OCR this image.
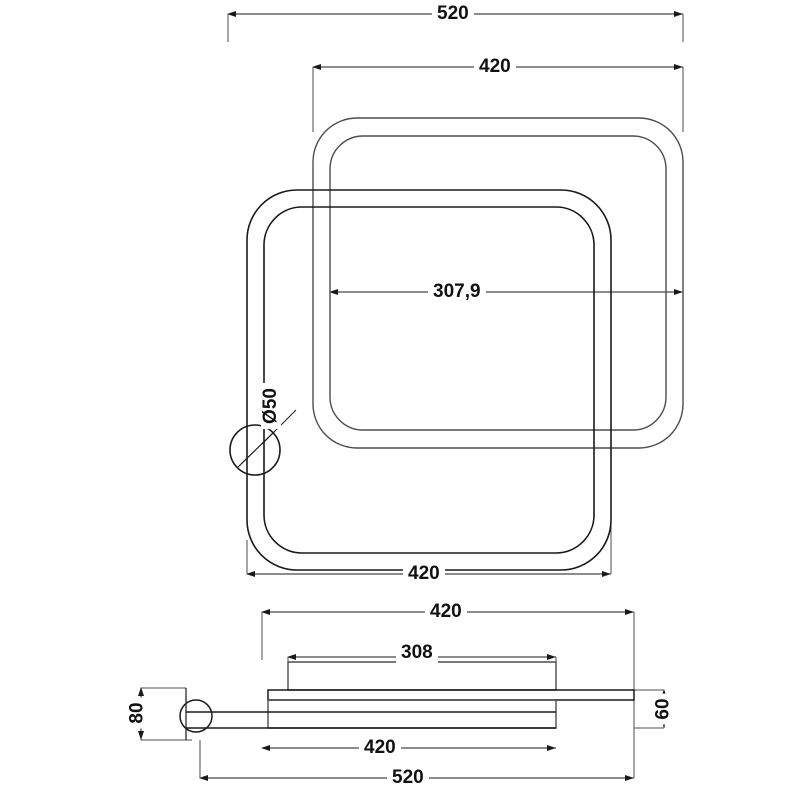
520
420
307,9
Ø50
420
420
308
420
520
80	60
